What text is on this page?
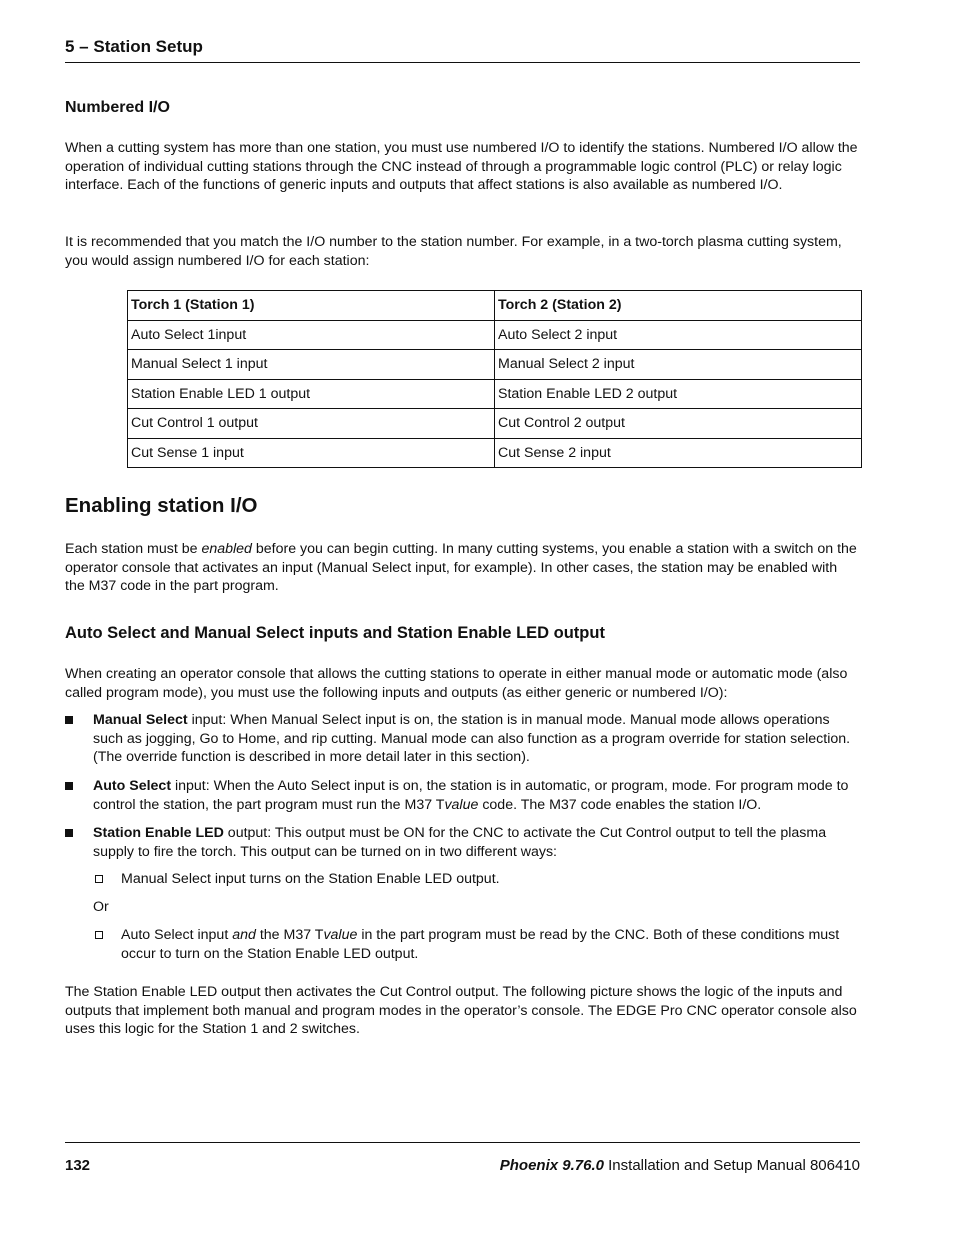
5 – Station Setup
Numbered I/O

When a cutting system has more than one station, you must use numbered I/O to identify the stations. Numbered I/O allow the operation of individual cutting stations through the CNC instead of through a programmable logic control (PLC) or relay logic interface. Each of the functions of generic inputs and outputs that affect stations is also available as numbered I/O.

It is recommended that you match the I/O number to the station number. For example, in a two-torch plasma cutting system, you would assign numbered I/O for each station:

Torch 1 (Station 1)	Torch 2 (Station 2)
Auto Select 1input	Auto Select 2 input
Manual Select 1 input	Manual Select 2 input
Station Enable LED 1 output	Station Enable LED 2 output
Cut Control 1 output	Cut Control 2 output
Cut Sense 1 input	Cut Sense 2 input
Enabling station I/O

Each station must be enabled before you can begin cutting. In many cutting systems, you enable a station with a switch on the operator console that activates an input (Manual Select input, for example). In other cases, the station may be enabled with the M37 code in the part program.

Auto Select and Manual Select inputs and Station Enable LED output

When creating an operator console that allows the cutting stations to operate in either manual mode or automatic mode (also called program mode), you must use the following inputs and outputs (as either generic or numbered I/O):

Manual Select input: When Manual Select input is on, the station is in manual mode. Manual mode allows operations such as jogging, Go to Home, and rip cutting. Manual mode can also function as a program override for station selection. (The override function is described in more detail later in this section).
Auto Select input: When the Auto Select input is on, the station is in automatic, or program, mode. For program mode to control the station, the part program must run the M37 Tvalue code. The M37 code enables the station I/O.
Station Enable LED output: This output must be ON for the CNC to activate the Cut Control output to tell the plasma supply to fire the torch. This output can be turned on in two different ways:
Manual Select input turns on the Station Enable LED output.
Or
Auto Select input and the M37 Tvalue in the part program must be read by the CNC. Both of these conditions must occur to turn on the Station Enable LED output.

The Station Enable LED output then activates the Cut Control output. The following picture shows the logic of the inputs and outputs that implement both manual and program modes in the operator’s console. The EDGE Pro CNC operator console also uses this logic for the Station 1 and 2 switches.

132	Phoenix 9.76.0 Installation and Setup Manual 806410
